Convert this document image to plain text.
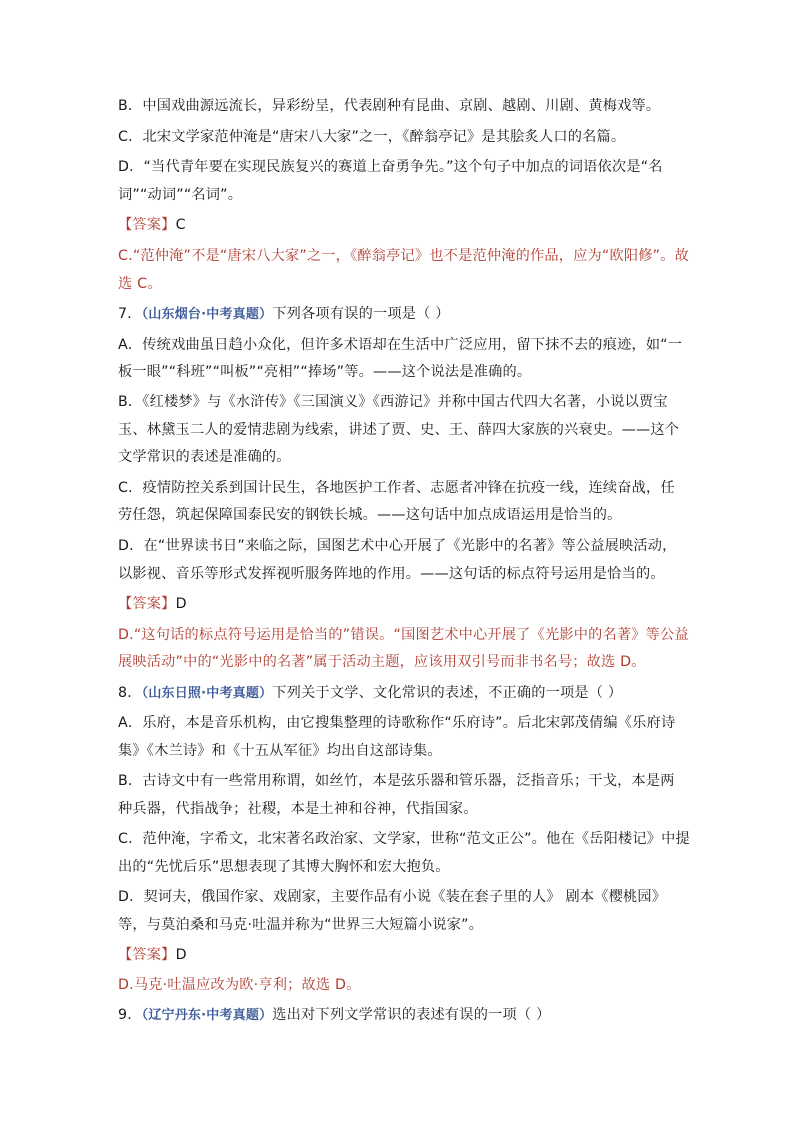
B．中国戏曲源远流长，异彩纷呈，代表剧种有昆曲、京剧、越剧、川剧、黄梅戏等。
C．北宋文学家范仲淹是“唐宋八大家”之一，《醉翁亭记》是其脍炙人口的名篇。
D．“当代青年要在实现民族复兴的赛道上奋勇争先。”这个句子中加点的词语依次是“名
词”“动词”“名词”。
【答案】C
C.“范仲淹”不是“唐宋八大家”之一，《醉翁亭记》也不是范仲淹的作品，应为“欧阳修”。故
选 C。
7．（山东烟台·中考真题）下列各项有误的一项是（ ）
A．传统戏曲虽日趋小众化，但许多术语却在生活中广泛应用，留下抹不去的痕迹，如“一
板一眼”“科班”“叫板”“亮相”“捧场”等。——这个说法是准确的。
B．《红楼梦》与《水浒传》《三国演义》《西游记》并称中国古代四大名著，小说以贾宝
玉、林黛玉二人的爱情悲剧为线索，讲述了贾、史、王、薛四大家族的兴衰史。——这个
文学常识的表述是准确的。
C．疫情防控关系到国计民生，各地医护工作者、志愿者冲锋在抗疫一线，连续奋战，任
劳任怨，筑起保障国泰民安的钢铁长城。——这句话中加点成语运用是恰当的。
D．在“世界读书日”来临之际，国图艺术中心开展了《光影中的名著》等公益展映活动，
以影视、音乐等形式发挥视听服务阵地的作用。——这句话的标点符号运用是恰当的。
【答案】D
D.“这句话的标点符号运用是恰当的”错误。“国图艺术中心开展了《光影中的名著》等公益
展映活动”中的“光影中的名著”属于活动主题，应该用双引号而非书名号；故选 D。
8．（山东日照·中考真题）下列关于文学、文化常识的表述，不正确的一项是（ ）
A．乐府，本是音乐机构，由它搜集整理的诗歌称作“乐府诗”。后北宋郭茂倩编《乐府诗
集》《木兰诗》和《十五从军征》均出自这部诗集。
B．古诗文中有一些常用称谓，如丝竹，本是弦乐器和管乐器，泛指音乐；干戈，本是两
种兵器，代指战争；社稷，本是土神和谷神，代指国家。
C．范仲淹，字希文，北宋著名政治家、文学家，世称“范文正公”。他在《岳阳楼记》中提
出的“先忧后乐”思想表现了其博大胸怀和宏大抱负。
D．契诃夫，俄国作家、戏剧家，主要作品有小说《装在套子里的人》 剧本《樱桃园》
等，与莫泊桑和马克·吐温并称为“世界三大短篇小说家”。
【答案】D
D.马克·吐温应改为欧·亨利；故选 D。
9．（辽宁丹东·中考真题）选出对下列文学常识的表述有误的一项（ ）
